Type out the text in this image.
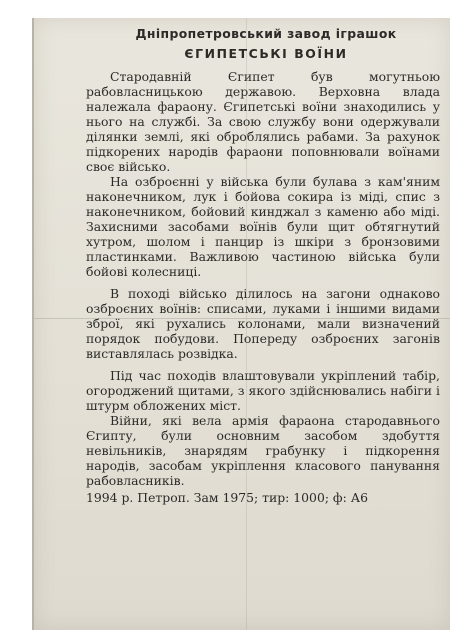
Дніпропетровський завод іграшок
ЄГИПЕТСЬКІ ВОЇНИ

Стародавній Єгипет був могутньою рабовласницькою державою. Верховна влада належала фараону. Єгипетські воїни знаходились у нього на службі. За свою службу вони одержували ділянки землі, які оброблялись рабами. За рахунок підкорених народів фараони поповнювали воїнами своє військо.

На озброєнні у війська були булава з кам'яним наконечником, лук і бойова сокира із міді, спис з наконечником, бойовий кинджал з каменю або міді. Захисними засобами воїнів були щит обтягнутий хутром, шолом і панцир із шкіри з бронзовими пластинками. Важливою частиною війська були бойові колесниці.

В поході військо ділилось на загони однаково озброєних воїнів: списами, луками і іншими видами зброї, які рухались колонами, мали визначений порядок побудови. Попереду озброєних загонів виставлялась розвідка.

Під час походів влаштовували укріплений табір, огороджений щитами, з якого здійснювались набіги і штурм обложених міст.

Війни, які вела армія фараона стародавнього Єгипту, були основним засобом здобуття невільників, знарядям грабунку і підкорення народів, засобам укріплення класового панування рабовласників.

1994 р. Петроп. Зам 1975; тир: 1000; ф: А6
